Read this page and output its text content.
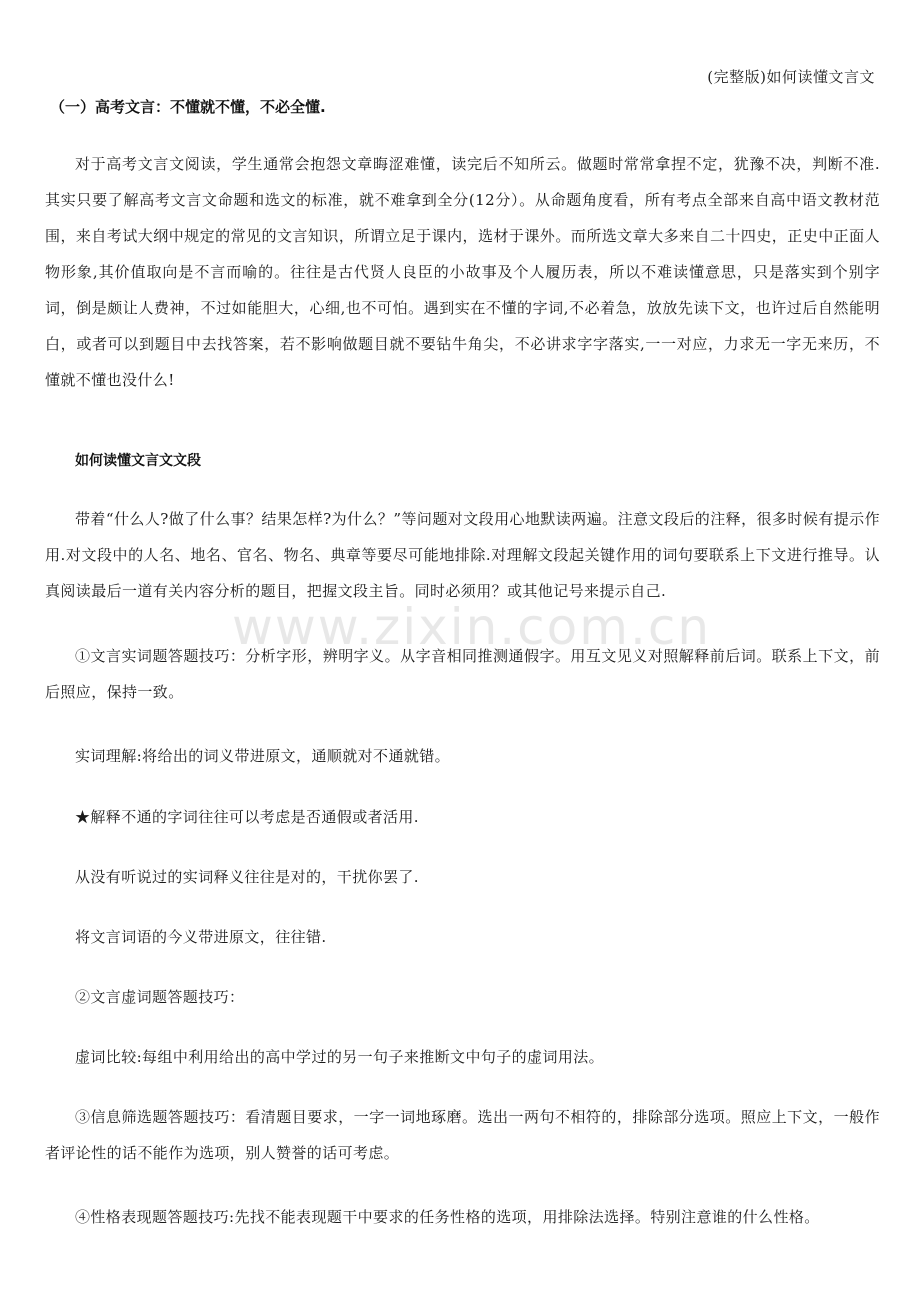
(完整版)如何读懂文言文
（一）高考文言：不懂就不懂，不必全懂.
对于高考文言文阅读，学生通常会抱怨文章晦涩难懂，读完后不知所云。做题时常常拿捏不定，犹豫不决，判断不准.其实只要了解高考文言文命题和选文的标准，就不难拿到全分(12分）。从命题角度看，所有考点全部来自高中语文教材范围，来自考试大纲中规定的常见的文言知识，所谓立足于课内，选材于课外。而所选文章大多来自二十四史，正史中正面人物形象,其价值取向是不言而喻的。往往是古代贤人良臣的小故事及个人履历表，所以不难读懂意思，只是落实到个别字词，倒是颇让人费神，不过如能胆大，心细,也不可怕。遇到实在不懂的字词,不必着急，放放先读下文，也许过后自然能明白，或者可以到题目中去找答案，若不影响做题目就不要钻牛角尖，不必讲求字字落实,一一对应，力求无一字无来历，不懂就不懂也没什么!
如何读懂文言文文段
带着“什么人?做了什么事？结果怎样?为什么？”等问题对文段用心地默读两遍。注意文段后的注释，很多时候有提示作用.对文段中的人名、地名、官名、物名、典章等要尽可能地排除.对理解文段起关键作用的词句要联系上下文进行推导。认真阅读最后一道有关内容分析的题目，把握文段主旨。同时必须用？或其他记号来提示自己.
①文言实词题答题技巧：分析字形，辨明字义。从字音相同推测通假字。用互文见义对照解释前后词。联系上下文，前后照应，保持一致。
实词理解:将给出的词义带进原文，通顺就对不通就错。
★解释不通的字词往往可以考虑是否通假或者活用.
从没有听说过的实词释义往往是对的，干扰你罢了.
将文言词语的今义带进原文，往往错.
②文言虚词题答题技巧：
虚词比较:每组中利用给出的高中学过的另一句子来推断文中句子的虚词用法。
③信息筛选题答题技巧：看清题目要求，一字一词地琢磨。选出一两句不相符的，排除部分选项。照应上下文，一般作者评论性的话不能作为选项，别人赞誉的话可考虑。
④性格表现题答题技巧:先找不能表现题干中要求的任务性格的选项，用排除法选择。特别注意谁的什么性格。
www.zixin.com.cn
